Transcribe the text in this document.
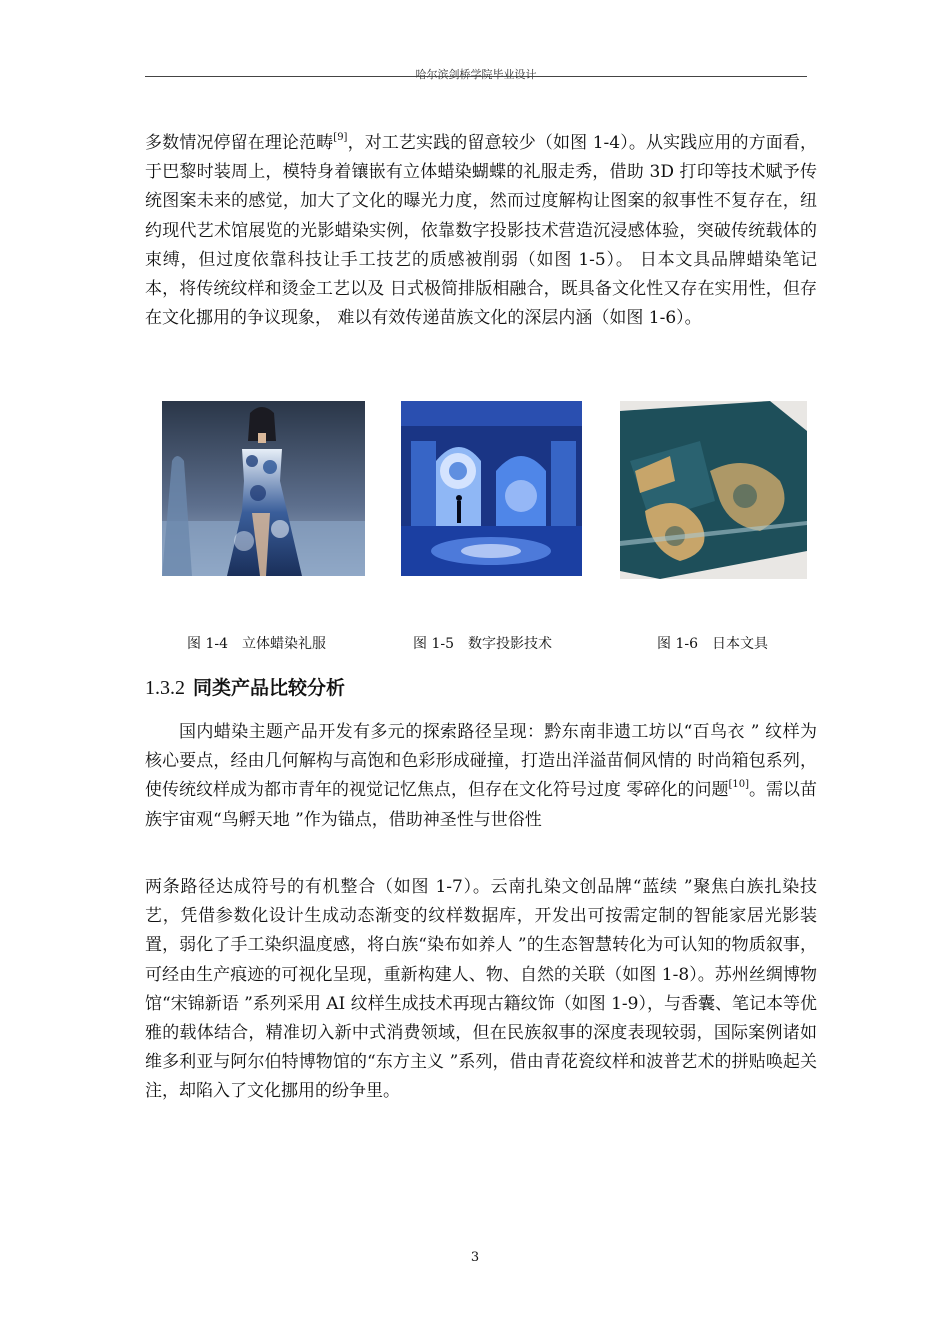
哈尔滨剑桥学院毕业设计

多数情况停留在理论范畴[9]，对工艺实践的留意较少（如图 1-4）。从实践应用的方面看，于巴黎时装周上，模特身着镶嵌有立体蜡染蝴蝶的礼服走秀，借助 3D 打印等技术赋予传统图案未来的感觉，加大了文化的曝光力度，然而过度解构让图案的叙事性不复存在，纽约现代艺术馆展览的光影蜡染实例，依靠数字投影技术营造沉浸感体验，突破传统载体的束缚，但过度依靠科技让手工技艺的质感被削弱（如图 1-5）。 日本文具品牌蜡染笔记本，将传统纹样和烫金工艺以及 日式极简排版相融合，既具备文化性又存在实用性，但存在文化挪用的争议现象， 难以有效传递苗族文化的深层内涵（如图 1-6）。

图 1-4　立体蜡染礼服	图 1-5　数字投影技术	图 1-6　日本文具
1.3.2 同类产品比较分析

国内蜡染主题产品开发有多元的探索路径呈现：黔东南非遗工坊以“百鸟衣 ” 纹样为核心要点，经由几何解构与高饱和色彩形成碰撞，打造出洋溢苗侗风情的 时尚箱包系列，使传统纹样成为都市青年的视觉记忆焦点，但存在文化符号过度 零碎化的问题[10]。需以苗族宇宙观“鸟孵天地 ”作为锚点，借助神圣性与世俗性

两条路径达成符号的有机整合（如图 1-7）。云南扎染文创品牌“蓝续 ”聚焦白族扎染技艺，凭借参数化设计生成动态渐变的纹样数据库，开发出可按需定制的智能家居光影装置，弱化了手工染织温度感，将白族“染布如养人 ”的生态智慧转化为可认知的物质叙事，可经由生产痕迹的可视化呈现，重新构建人、物、自然的关联（如图 1-8）。苏州丝绸博物馆“宋锦新语 ”系列采用 AI 纹样生成技术再现古籍纹饰（如图 1-9），与香囊、笔记本等优雅的载体结合，精准切入新中式消费领域，但在民族叙事的深度表现较弱，国际案例诸如维多利亚与阿尔伯特博物馆的“东方主义 ”系列，借由青花瓷纹样和波普艺术的拼贴唤起关注，却陷入了文化挪用的纷争里。

3
